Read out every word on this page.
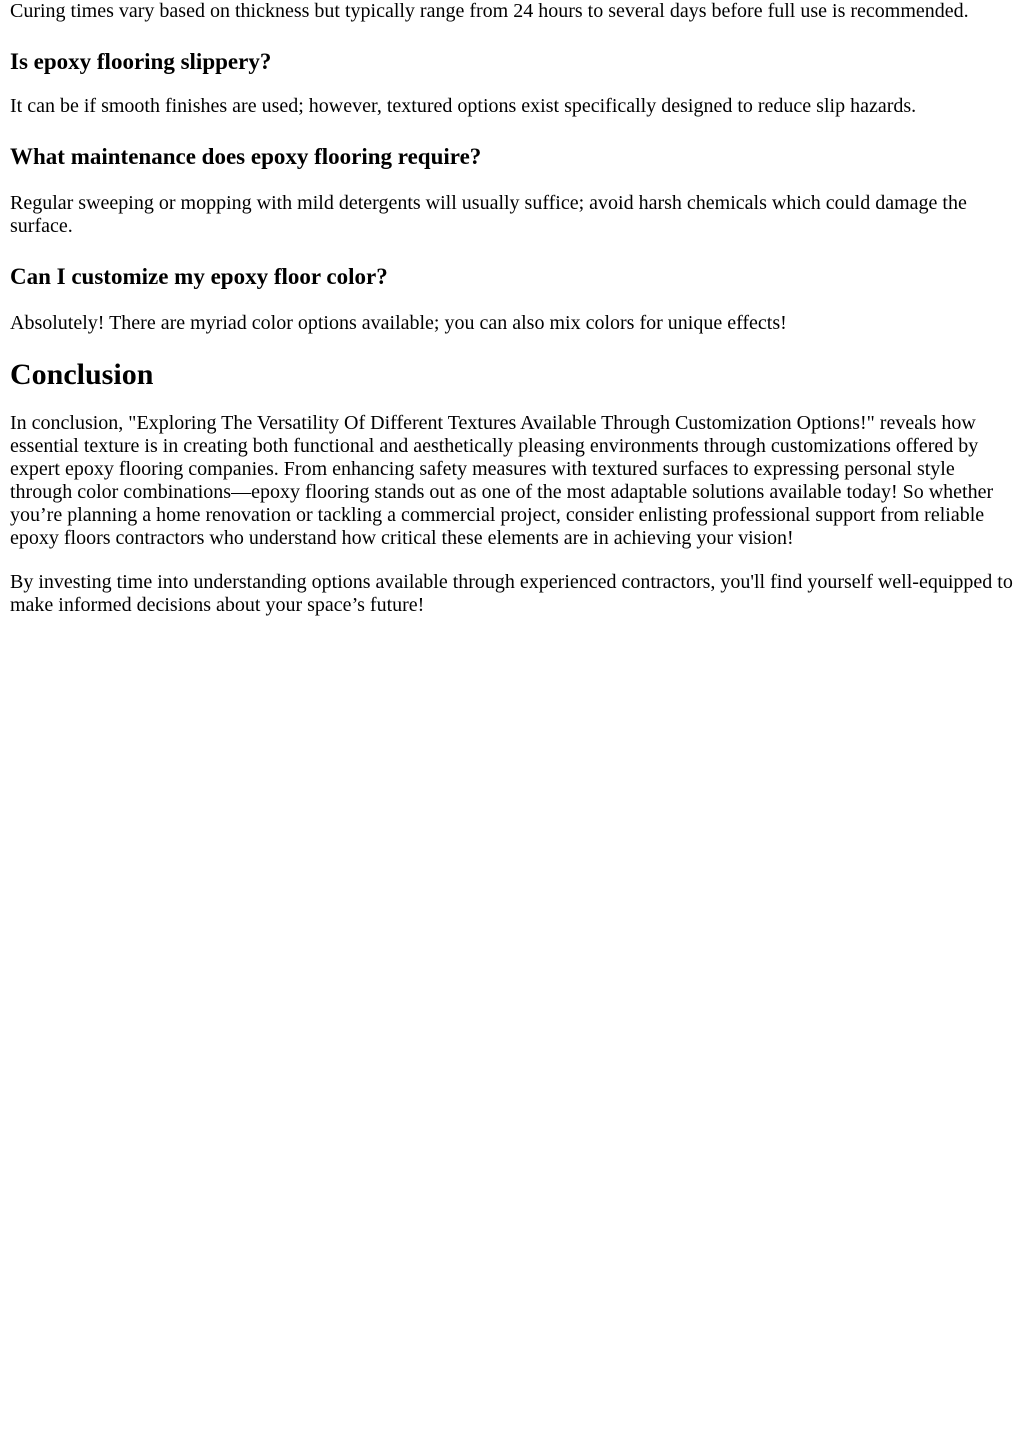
Curing times vary based on thickness but typically range from 24 hours to several days before full use is recommended.

Is epoxy flooring slippery?

It can be if smooth finishes are used; however, textured options exist specifically designed to reduce slip hazards.

What maintenance does epoxy flooring require?

Regular sweeping or mopping with mild detergents will usually suffice; avoid harsh chemicals which could damage the surface.

Can I customize my epoxy floor color?

Absolutely! There are myriad color options available; you can also mix colors for unique effects!

Conclusion

In conclusion, "Exploring The Versatility Of Different Textures Available Through Customization Options!" reveals how essential texture is in creating both functional and aesthetically pleasing environments through customizations offered by expert epoxy flooring companies. From enhancing safety measures with textured surfaces to expressing personal style through color combinations—epoxy flooring stands out as one of the most adaptable solutions available today! So whether you’re planning a home renovation or tackling a commercial project, consider enlisting professional support from reliable epoxy floors contractors who understand how critical these elements are in achieving your vision!

By investing time into understanding options available through experienced contractors, you'll find yourself well-equipped to make informed decisions about your space’s future!
